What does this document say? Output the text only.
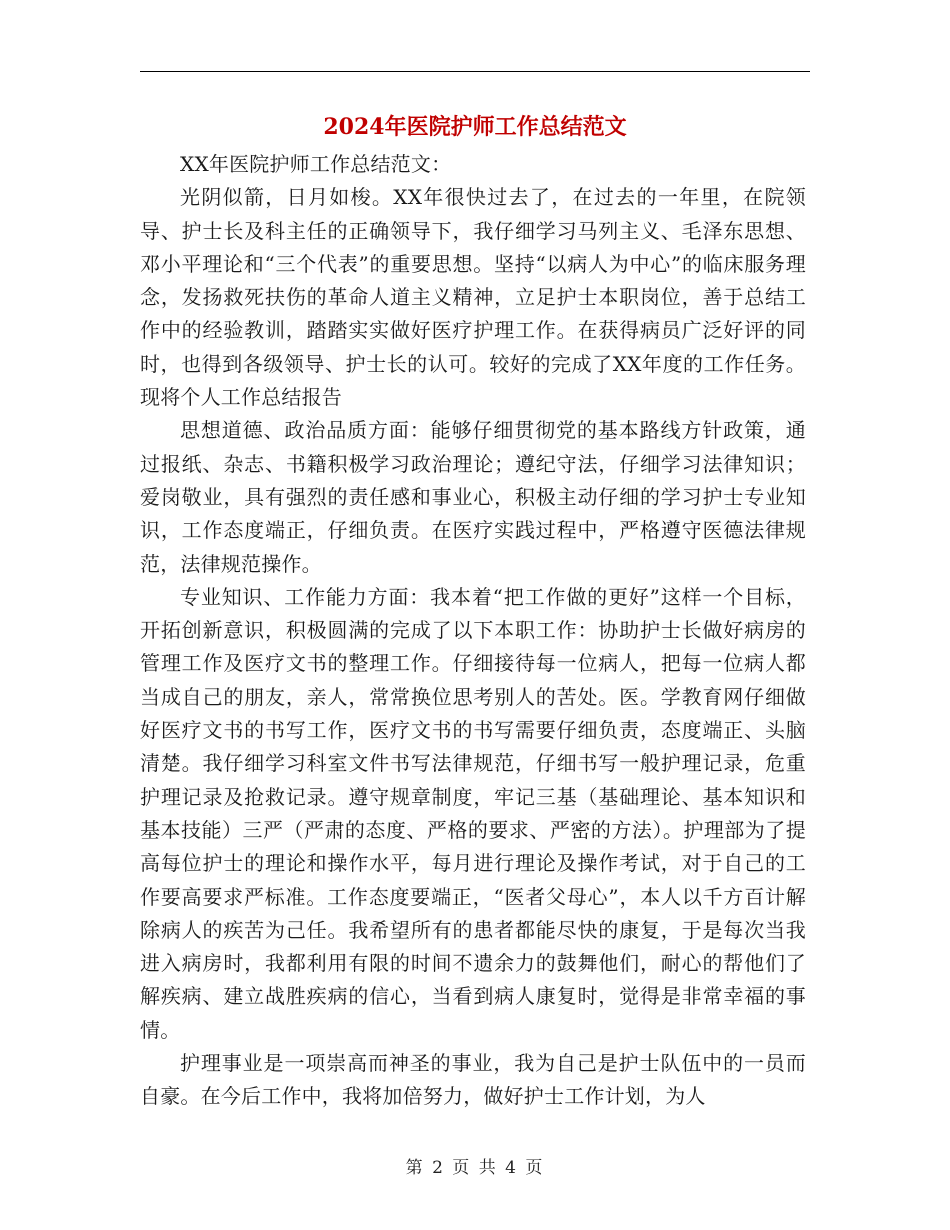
2024年医院护师工作总结范文

XX年医院护师工作总结范文：

光阴似箭，日月如梭。XX年很快过去了，在过去的一年里，在院领导、护士长及科主任的正确领导下，我仔细学习马列主义、毛泽东思想、邓小平理论和“三个代表”的重要思想。坚持“以病人为中心”的临床服务理念，发扬救死扶伤的革命人道主义精神，立足护士本职岗位，善于总结工作中的经验教训，踏踏实实做好医疗护理工作。在获得病员广泛好评的同时，也得到各级领导、护士长的认可。较好的完成了XX年度的工作任务。现将个人工作总结报告

思想道德、政治品质方面：能够仔细贯彻党的基本路线方针政策，通过报纸、杂志、书籍积极学习政治理论；遵纪守法，仔细学习法律知识；爱岗敬业，具有强烈的责任感和事业心，积极主动仔细的学习护士专业知识，工作态度端正，仔细负责。在医疗实践过程中，严格遵守医德法律规范，法律规范操作。

专业知识、工作能力方面：我本着“把工作做的更好”这样一个目标，开拓创新意识，积极圆满的完成了以下本职工作：协助护士长做好病房的管理工作及医疗文书的整理工作。仔细接待每一位病人，把每一位病人都当成自己的朋友，亲人，常常换位思考别人的苦处。医。学教育网仔细做好医疗文书的书写工作，医疗文书的书写需要仔细负责，态度端正、头脑清楚。我仔细学习科室文件书写法律规范，仔细书写一般护理记录，危重护理记录及抢救记录。遵守规章制度，牢记三基（基础理论、基本知识和基本技能）三严（严肃的态度、严格的要求、严密的方法）。护理部为了提高每位护士的理论和操作水平，每月进行理论及操作考试，对于自己的工作要高要求严标准。工作态度要端正，“医者父母心”，本人以千方百计解除病人的疾苦为己任。我希望所有的患者都能尽快的康复，于是每次当我进入病房时，我都利用有限的时间不遗余力的鼓舞他们，耐心的帮他们了解疾病、建立战胜疾病的信心，当看到病人康复时，觉得是非常幸福的事情。

护理事业是一项崇高而神圣的事业，我为自己是护士队伍中的一员而自豪。在今后工作中，我将加倍努力，做好护士工作计划，为人

第 2 页 共 4 页
